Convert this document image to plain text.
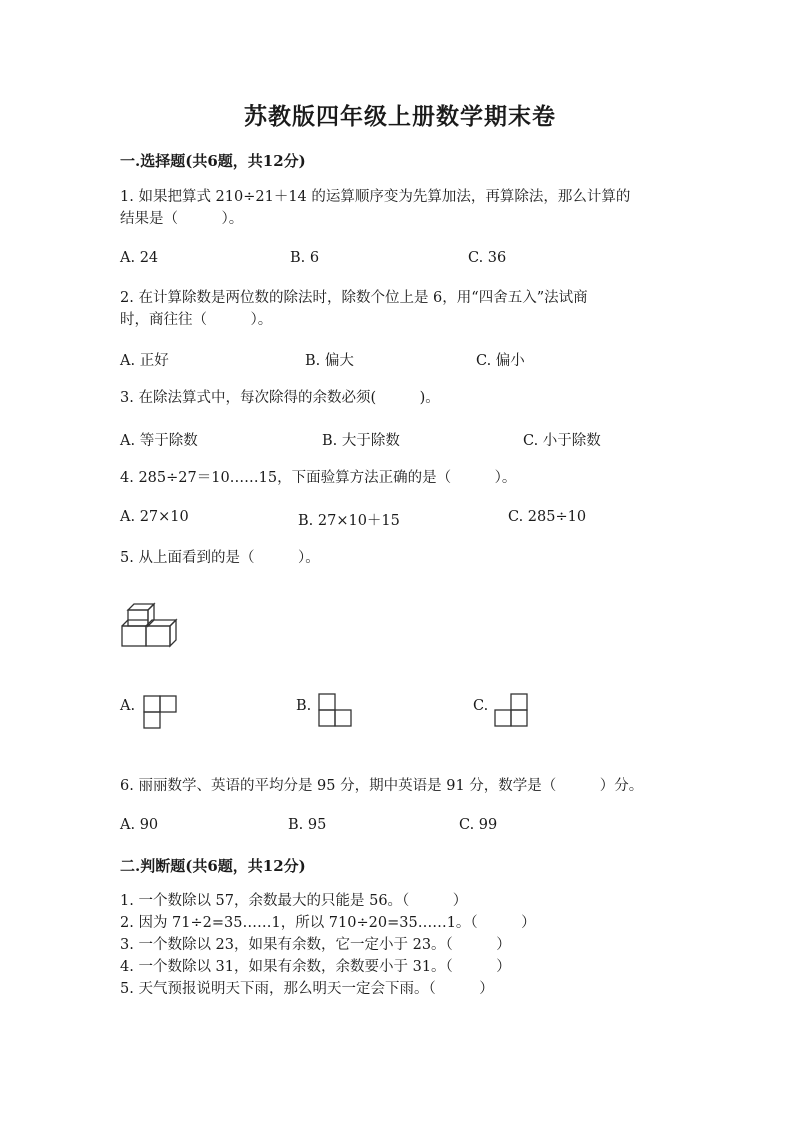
苏教版四年级上册数学期末卷
一.选择题(共6题，共12分)
1. 如果把算式 210÷21＋14 的运算顺序变为先算加法，再算除法，那么计算的
结果是（　　　）。
A. 24	B. 6	C. 36
2. 在计算除数是两位数的除法时，除数个位上是 6，用“四舍五入”法试商
时，商往往（　　　）。
A. 正好	B. 偏大	C. 偏小
3. 在除法算式中，每次除得的余数必须(　　　)。
A. 等于除数	B. 大于除数	C. 小于除数
4. 285÷27＝10……15，下面验算方法正确的是（　　　）。
A. 27×10	B. 27×10＋15	C. 285÷10
5. 从上面看到的是（　　　）。
A.	B.	C.
6. 丽丽数学、英语的平均分是 95 分，期中英语是 91 分，数学是（　　　）分。
A. 90	B. 95	C. 99
二.判断题(共6题，共12分)
1. 一个数除以 57，余数最大的只能是 56。（　　　）
2. 因为 71÷2=35……1，所以 710÷20=35……1。（　　　）
3. 一个数除以 23，如果有余数，它一定小于 23。（　　　）
4. 一个数除以 31，如果有余数，余数要小于 31。（　　　）
5. 天气预报说明天下雨，那么明天一定会下雨。（　　　）
